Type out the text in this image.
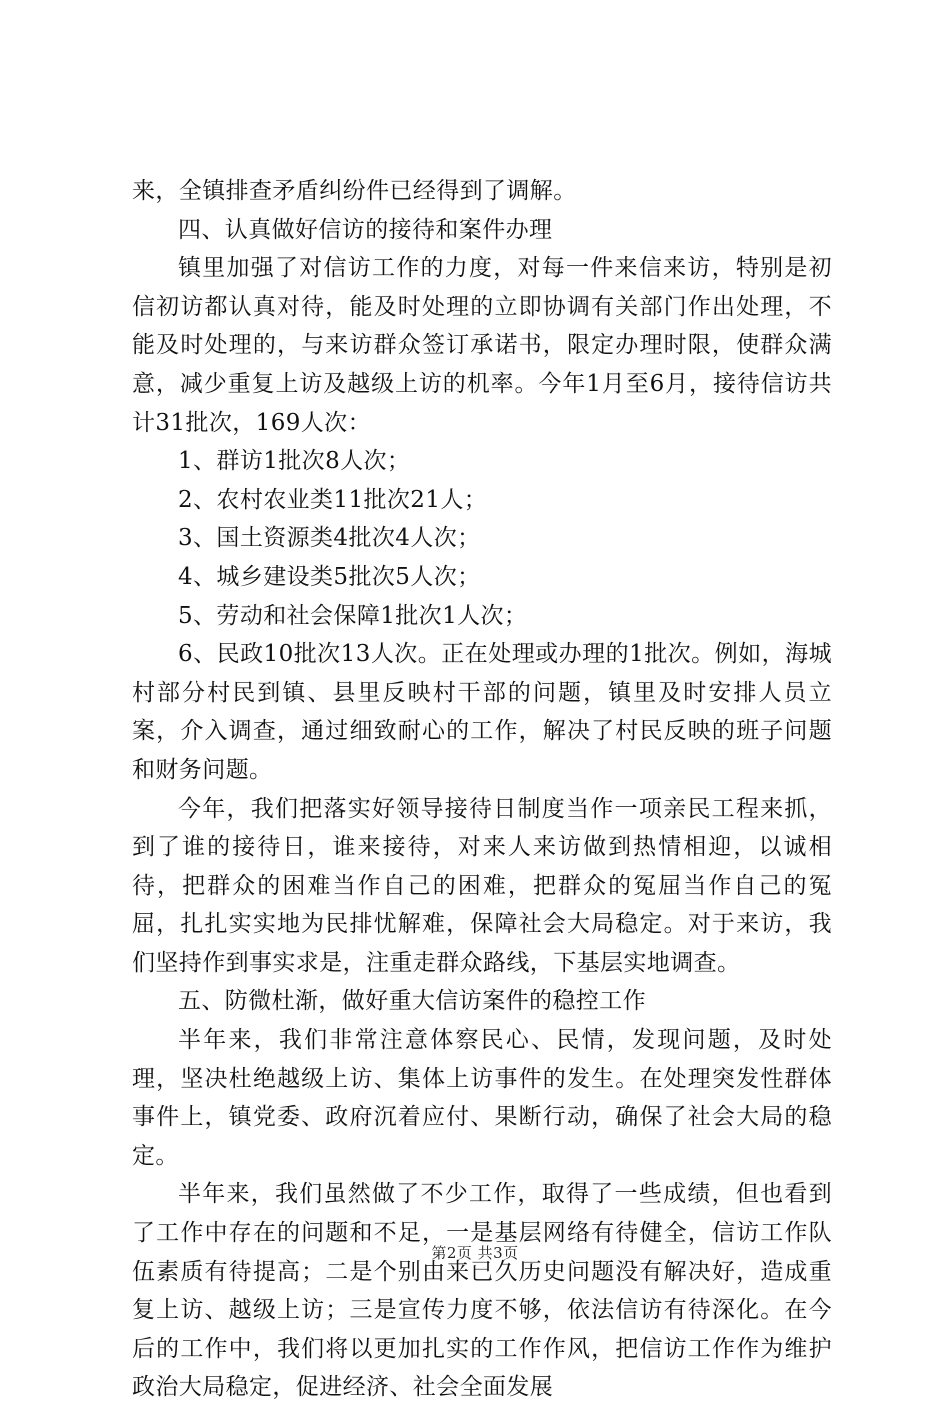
来，全镇排查矛盾纠纷件已经得到了调解。

四、认真做好信访的接待和案件办理

镇里加强了对信访工作的力度，对每一件来信来访，特别是初信初访都认真对待，能及时处理的立即协调有关部门作出处理，不能及时处理的，与来访群众签订承诺书，限定办理时限，使群众满意，减少重复上访及越级上访的机率。今年1月至6月，接待信访共计31批次，169人次：

1、群访1批次8人次；

2、农村农业类11批次21人；

3、国土资源类4批次4人次；

4、城乡建设类5批次5人次；

5、劳动和社会保障1批次1人次；

6、民政10批次13人次。正在处理或办理的1批次。例如，海城村部分村民到镇、县里反映村干部的问题，镇里及时安排人员立案，介入调查，通过细致耐心的工作，解决了村民反映的班子问题和财务问题。

今年，我们把落实好领导接待日制度当作一项亲民工程来抓，到了谁的接待日，谁来接待，对来人来访做到热情相迎，以诚相待，把群众的困难当作自己的困难，把群众的冤屈当作自己的冤屈，扎扎实实地为民排忧解难，保障社会大局稳定。对于来访，我们坚持作到事实求是，注重走群众路线，下基层实地调查。

五、防微杜渐，做好重大信访案件的稳控工作

半年来，我们非常注意体察民心、民情，发现问题，及时处理，坚决杜绝越级上访、集体上访事件的发生。在处理突发性群体事件上，镇党委、政府沉着应付、果断行动，确保了社会大局的稳定。

半年来，我们虽然做了不少工作，取得了一些成绩，但也看到了工作中存在的问题和不足，一是基层网络有待健全，信访工作队伍素质有待提高；二是个别由来已久历史问题没有解决好，造成重复上访、越级上访；三是宣传力度不够，依法信访有待深化。在今后的工作中，我们将以更加扎实的工作作风，把信访工作作为维护政治大局稳定，促进经济、社会全面发展

第2页 共3页
